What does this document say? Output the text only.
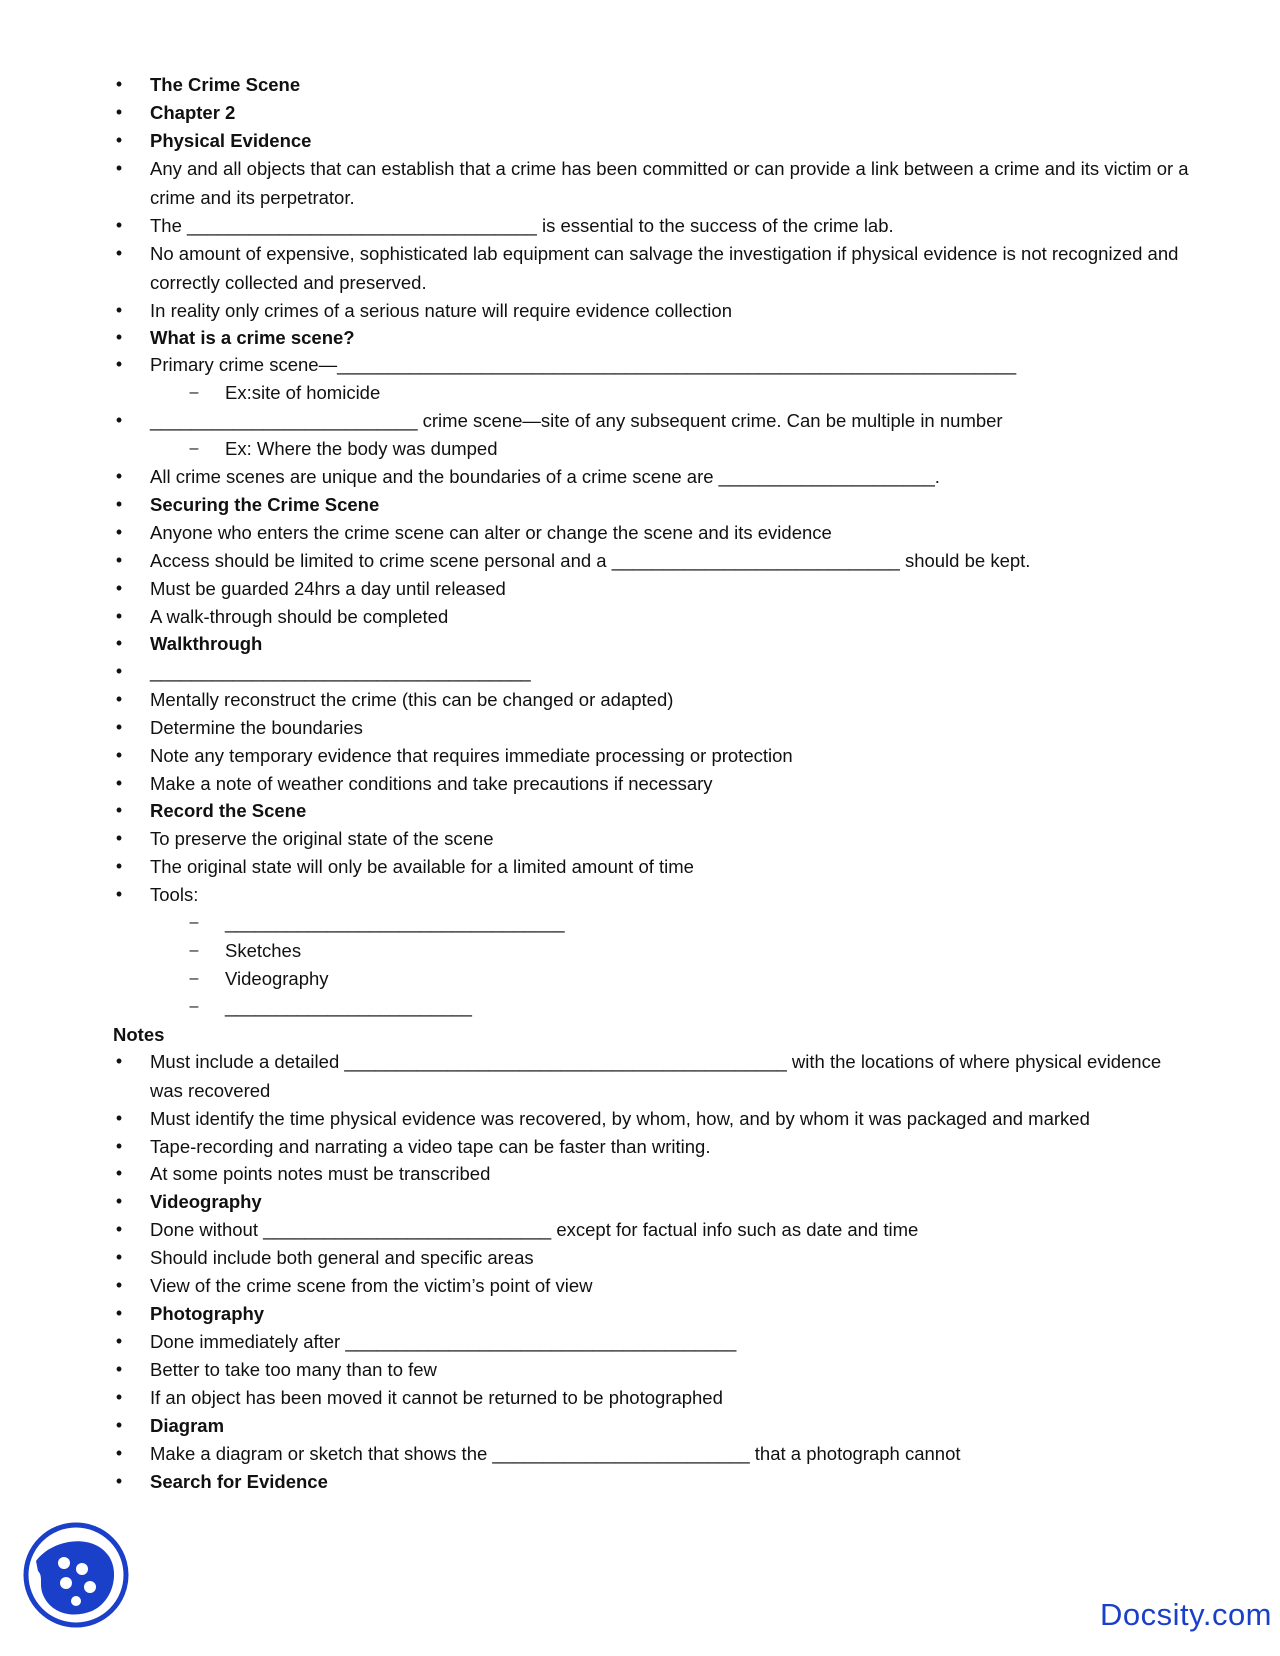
• The Crime Scene
• Chapter 2
• Physical Evidence
• Any and all objects that can establish that a crime has been committed or can provide a link between a crime and its victim or a crime and its perpetrator.
• The __________________________________ is essential to the success of the crime lab.
• No amount of expensive, sophisticated lab equipment can salvage the investigation if physical evidence is not recognized and correctly collected and preserved.
• In reality only crimes of a serious nature will require evidence collection
• What is a crime scene?
• Primary crime scene—__________________________________________________________________
– Ex:site of homicide
• __________________________ crime scene—site of any subsequent crime. Can be multiple in number
– Ex: Where the body was dumped
• All crime scenes are unique and the boundaries of a crime scene are _____________________.
• Securing the Crime Scene
• Anyone who enters the crime scene can alter or change the scene and its evidence
• Access should be limited to crime scene personal and a ____________________________ should be kept.
• Must be guarded 24hrs a day until released
• A walk-through should be completed
• Walkthrough
• _____________________________________
• Mentally reconstruct the crime (this can be changed or adapted)
• Determine the boundaries
• Note any temporary evidence that requires immediate processing or protection
• Make a note of weather conditions and take precautions if necessary
• Record the Scene
• To preserve the original state of the scene
• The original state will only be available for a limited amount of time
• Tools:
– _________________________________
– Sketches
– Videography
– ________________________
Notes
• Must include a detailed ___________________________________________ with the locations of where physical evidence was recovered
• Must identify the time physical evidence was recovered, by whom, how, and by whom it was packaged and marked
• Tape-recording and narrating a video tape can be faster than writing.
• At some points notes must be transcribed
• Videography
• Done without ____________________________ except for factual info such as date and time
• Should include both general and specific areas
• View of the crime scene from the victim’s point of view
• Photography
• Done immediately after ______________________________________
• Better to take too many than to few
• If an object has been moved it cannot be returned to be photographed
• Diagram
• Make a diagram or sketch that shows the _________________________ that a photograph cannot
• Search for Evidence
Docsity.com
